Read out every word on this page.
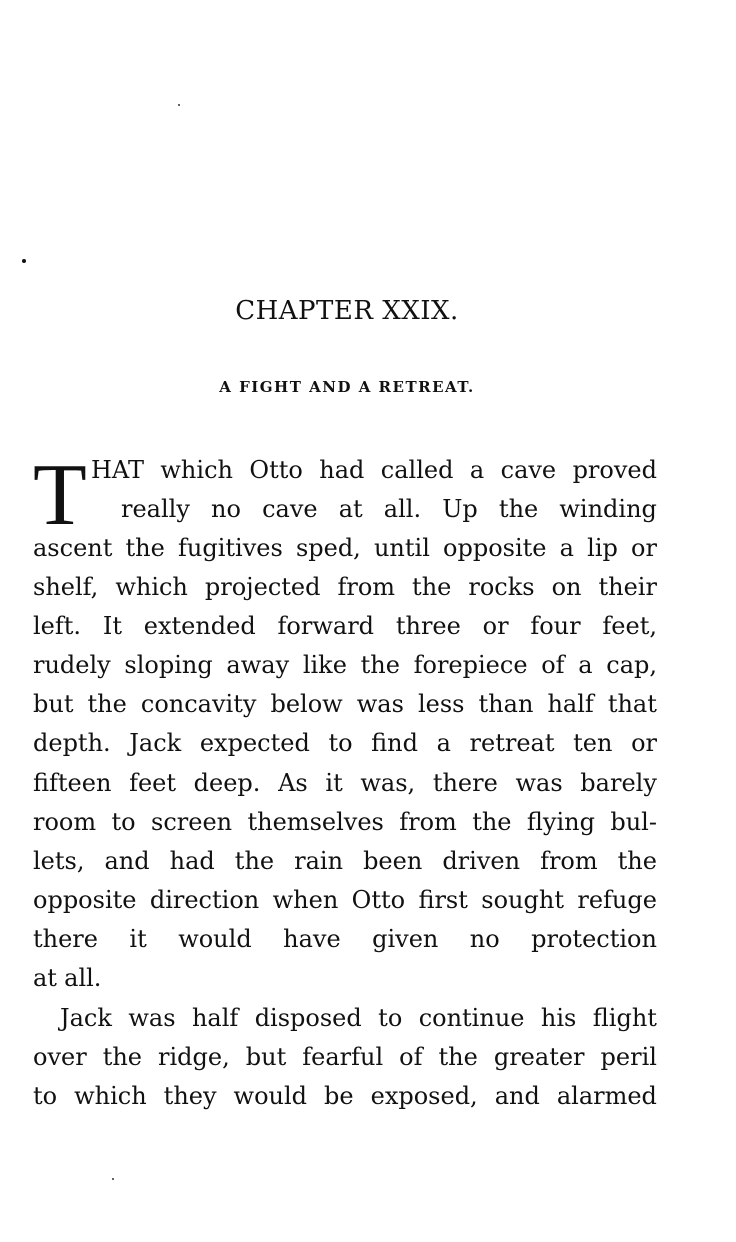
CHAPTER XXIX.
A FIGHT AND A RETREAT.
T HAT which Otto had called a cave proved
really no cave at all. Up the winding
ascent the fugitives sped, until opposite a lip or
shelf, which projected from the rocks on their
left. It extended forward three or four feet,
rudely sloping away like the forepiece of a cap,
but the concavity below was less than half that
depth. Jack expected to find a retreat ten or
fifteen feet deep. As it was, there was barely
room to screen themselves from the flying bul-
lets, and had the rain been driven from the
opposite direction when Otto first sought refuge
there it would have given no protection
at all.
Jack was half disposed to continue his flight
over the ridge, but fearful of the greater peril
to which they would be exposed, and alarmed
